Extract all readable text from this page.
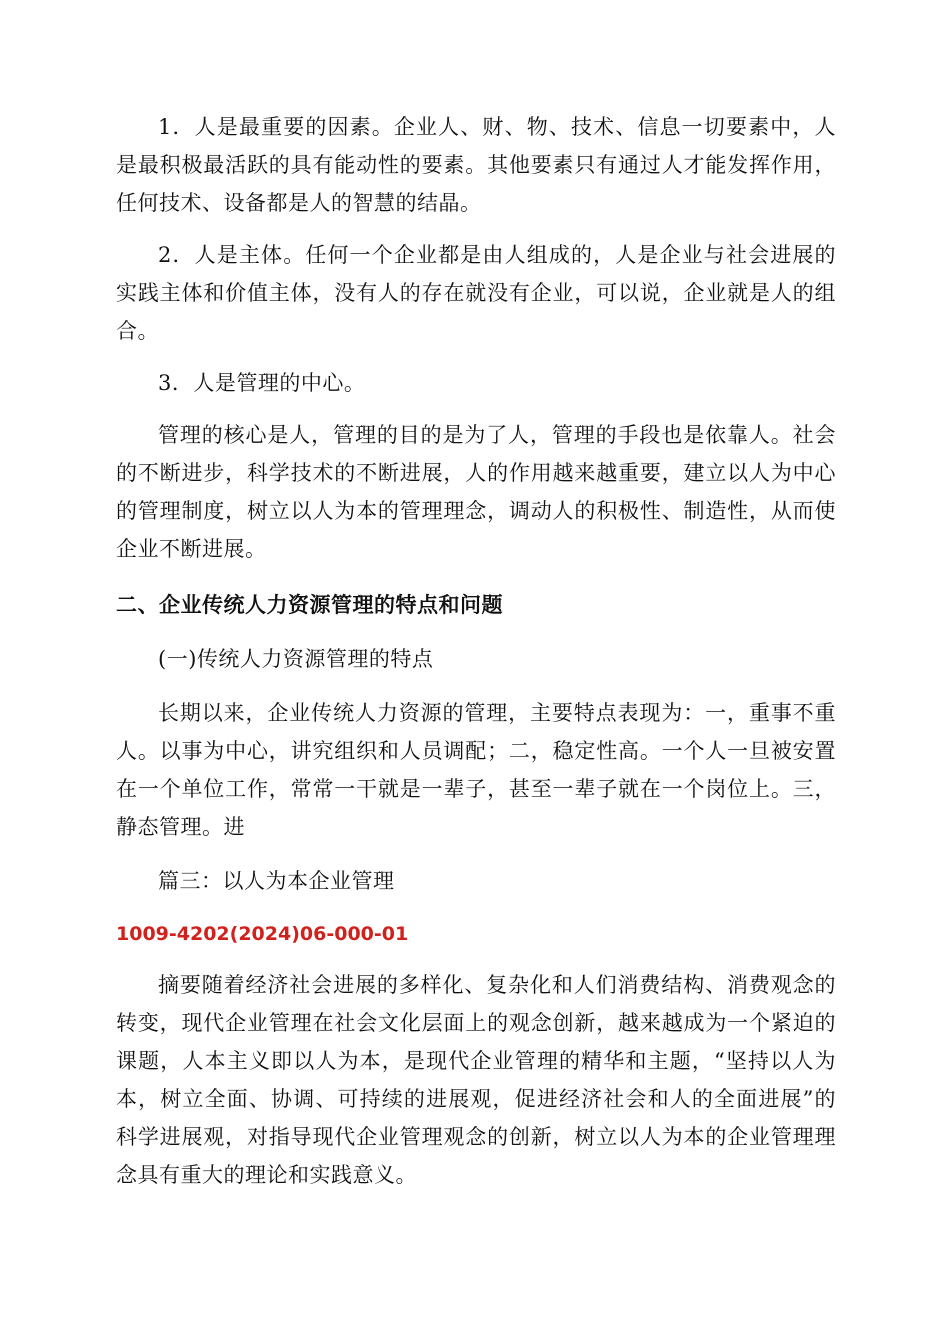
1．人是最重要的因素。企业人、财、物、技术、信息一切要素中，人是最积极最活跃的具有能动性的要素。其他要素只有通过人才能发挥作用，任何技术、设备都是人的智慧的结晶。

2．人是主体。任何一个企业都是由人组成的，人是企业与社会进展的实践主体和价值主体，没有人的存在就没有企业，可以说，企业就是人的组合。

3．人是管理的中心。

管理的核心是人，管理的目的是为了人，管理的手段也是依靠人。社会的不断进步，科学技术的不断进展，人的作用越来越重要，建立以人为中心的管理制度，树立以人为本的管理理念，调动人的积极性、制造性，从而使企业不断进展。

二、企业传统人力资源管理的特点和问题

(一)传统人力资源管理的特点

长期以来，企业传统人力资源的管理，主要特点表现为：一，重事不重人。以事为中心，讲究组织和人员调配；二，稳定性高。一个人一旦被安置在一个单位工作，常常一干就是一辈子，甚至一辈子就在一个岗位上。三，静态管理。进

篇三：以人为本企业管理

1009-4202(2024)06-000-01

摘要随着经济社会进展的多样化、复杂化和人们消费结构、消费观念的转变，现代企业管理在社会文化层面上的观念创新，越来越成为一个紧迫的课题，人本主义即以人为本，是现代企业管理的精华和主题，“坚持以人为本，树立全面、协调、可持续的进展观，促进经济社会和人的全面进展”的科学进展观，对指导现代企业管理观念的创新，树立以人为本的企业管理理念具有重大的理论和实践意义。
